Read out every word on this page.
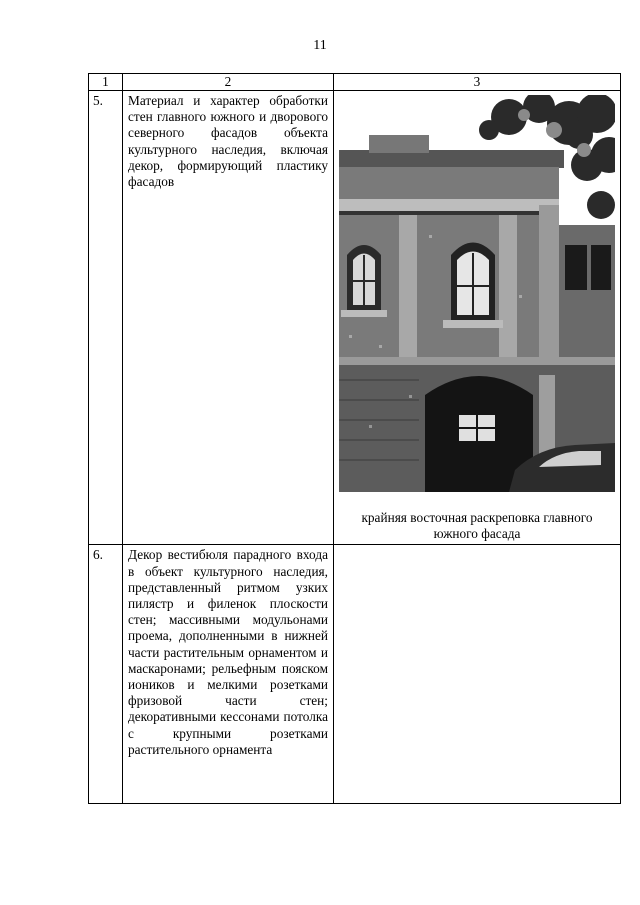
11
1	2	3
5.	Материал и характер обработки стен главного южного и дворового северного фасадов объекта культурного наследия, включая декор, формирующий пластику фасадов	крайняя восточная раскреповка главного южного фасада

6.	Декор вестибюля парадного входа в объект культурного наследия, представленный ритмом узких пилястр и филенок плоскости стен; массивными модульонами проема, дополненными в нижней части растительным орнаментом и маскаронами; рельефным пояском иоников и мелкими розетками фризовой части стен; декоративными кессонами потолка с крупными розетками растительного орнамента	
